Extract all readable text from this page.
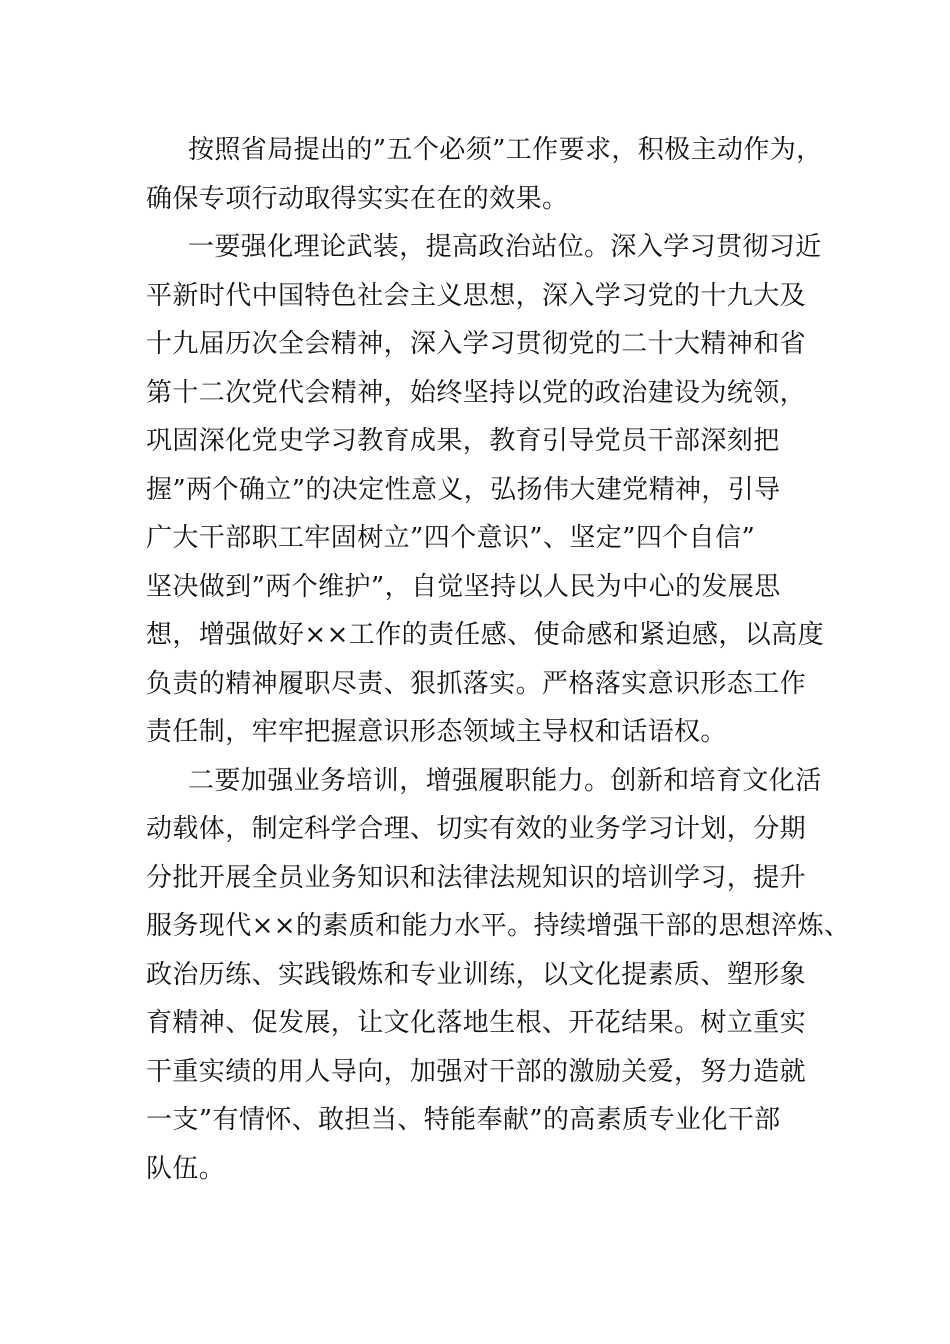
按照省局提出的”五个必须”工作要求，积极主动作为，
确保专项行动取得实实在在的效果。

一要强化理论武装，提高政治站位。深入学习贯彻习近
平新时代中国特色社会主义思想，深入学习党的十九大及
十九届历次全会精神，深入学习贯彻党的二十大精神和省
第十二次党代会精神，始终坚持以党的政治建设为统领，
巩固深化党史学习教育成果，教育引导党员干部深刻把
握”两个确立”的决定性意义，弘扬伟大建党精神，引导
广大干部职工牢固树立”四个意识”、坚定”四个自信”
坚决做到”两个维护”，自觉坚持以人民为中心的发展思
想，增强做好××工作的责任感、使命感和紧迫感，以高度
负责的精神履职尽责、狠抓落实。严格落实意识形态工作
责任制，牢牢把握意识形态领域主导权和话语权。

二要加强业务培训，增强履职能力。创新和培育文化活
动载体，制定科学合理、切实有效的业务学习计划，分期
分批开展全员业务知识和法律法规知识的培训学习，提升
服务现代××的素质和能力水平。持续增强干部的思想淬炼、
政治历练、实践锻炼和专业训练，以文化提素质、塑形象
育精神、促发展，让文化落地生根、开花结果。树立重实
干重实绩的用人导向，加强对干部的激励关爱，努力造就
一支”有情怀、敢担当、特能奉献”的高素质专业化干部
队伍。
